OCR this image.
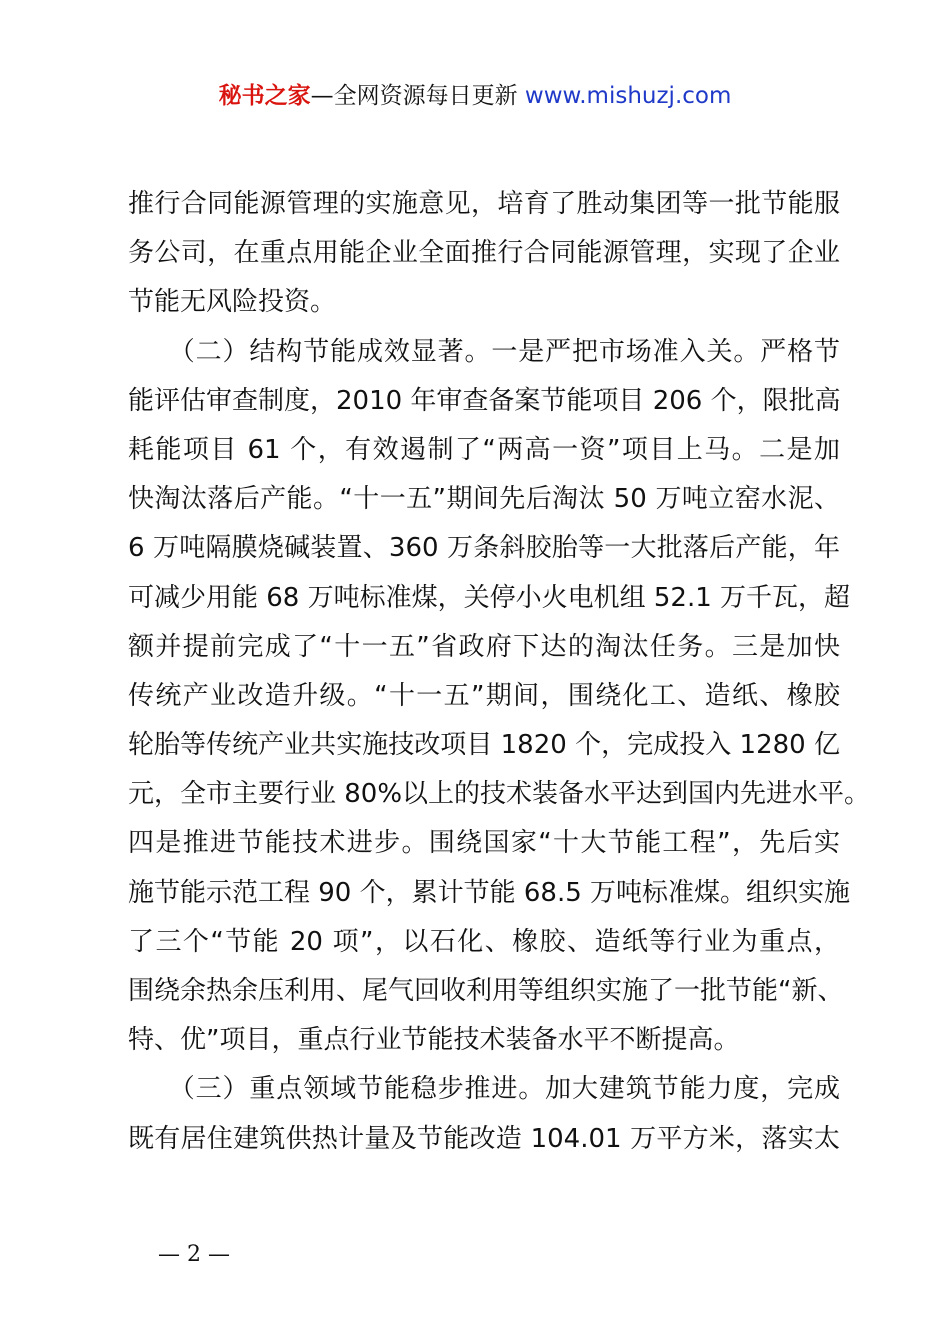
秘书之家—全网资源每日更新 www.mishuzj.com
推行合同能源管理的实施意见，培育了胜动集团等一批节能服
务公司，在重点用能企业全面推行合同能源管理，实现了企业
节能无风险投资。
　　（二）结构节能成效显著。一是严把市场准入关。严格节
能评估审查制度，2010 年审查备案节能项目 206 个，限批高
耗能项目 61 个，有效遏制了“两高一资”项目上马。二是加
快淘汰落后产能。“十一五”期间先后淘汰 50 万吨立窑水泥、
6 万吨隔膜烧碱装置、360 万条斜胶胎等一大批落后产能，年
可减少用能 68 万吨标准煤，关停小火电机组 52.1 万千瓦，超
额并提前完成了“十一五”省政府下达的淘汰任务。三是加快
传统产业改造升级。“十一五”期间，围绕化工、造纸、橡胶
轮胎等传统产业共实施技改项目 1820 个，完成投入 1280 亿
元，全市主要行业 80%以上的技术装备水平达到国内先进水平。
四是推进节能技术进步。围绕国家“十大节能工程”，先后实
施节能示范工程 90 个，累计节能 68.5 万吨标准煤。组织实施
了三个“节能 20 项”，以石化、橡胶、造纸等行业为重点，
围绕余热余压利用、尾气回收利用等组织实施了一批节能“新、
特、优”项目，重点行业节能技术装备水平不断提高。
　　（三）重点领域节能稳步推进。加大建筑节能力度，完成
既有居住建筑供热计量及节能改造 104.01 万平方米，落实太
— 2 —
